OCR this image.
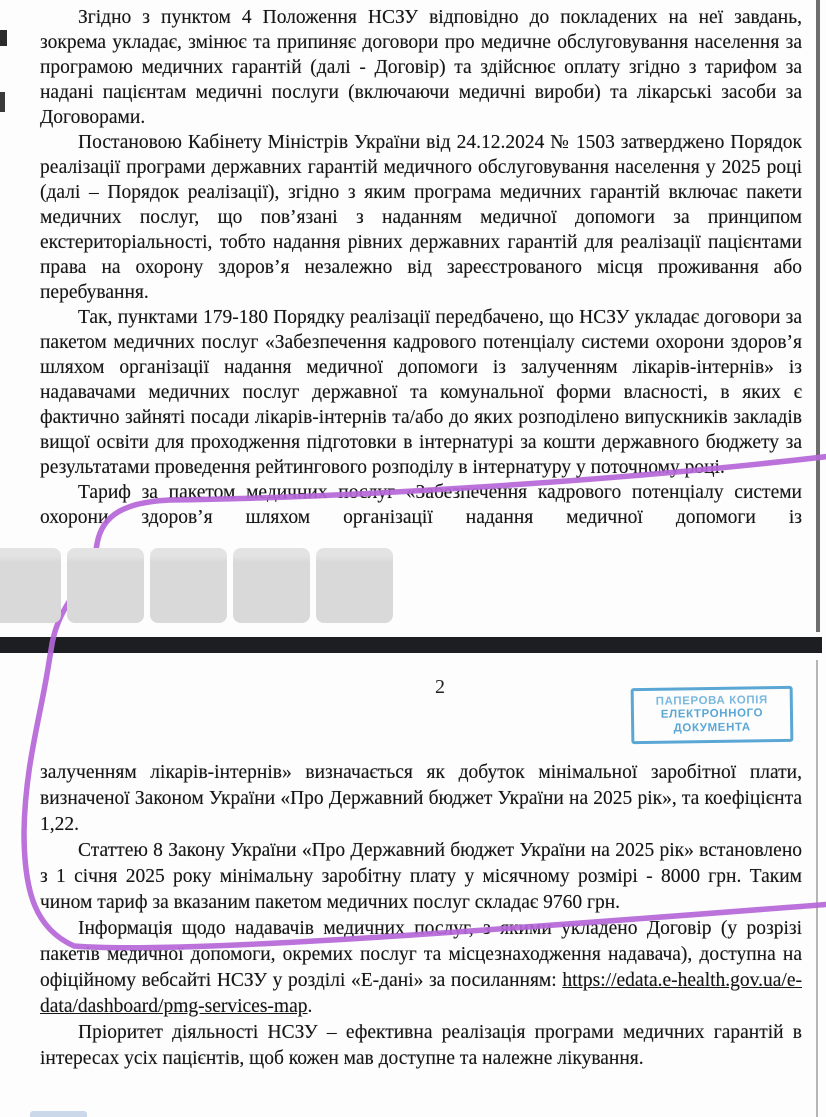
Згідно з пунктом 4 Положення НСЗУ відповідно до покладених на неї завдань, зокрема укладає, змінює та припиняє договори про медичне обслуговування населення за програмою медичних гарантій (далі - Договір) та здійснює оплату згідно з тарифом за надані пацієнтам медичні послуги (включаючи медичні вироби) та лікарські засоби за Договорами.

Постановою Кабінету Міністрів України від 24.12.2024 № 1503 затверджено Порядок реалізації програми державних гарантій медичного обслуговування населення у 2025 році (далі – Порядок реалізації), згідно з яким програма медичних гарантій включає пакети медичних послуг, що пов’язані з наданням медичної допомоги за принципом екстериторіальності, тобто надання рівних державних гарантій для реалізації пацієнтами права на охорону здоров’я незалежно від зареєстрованого місця проживання або перебування.

Так, пунктами 179-180 Порядку реалізації передбачено, що НСЗУ укладає договори за пакетом медичних послуг «Забезпечення кадрового потенціалу системи охорони здоров’я шляхом організації надання медичної допомоги із залученням лікарів-інтернів» із надавачами медичних послуг державної та комунальної форми власності, в яких є фактично зайняті посади лікарів-інтернів та/або до яких розподілено випускників закладів вищої освіти для проходження підготовки в інтернатурі за кошти державного бюджету за результатами проведення рейтингового розподілу в інтернатуру у поточному році.

Тариф за пакетом медичних послуг «Забезпечення кадрового потенціалу системи охорони здоров’я шляхом організації надання медичної допомоги із

2
ПАПЕРОВА КОПІЯ
ЕЛЕКТРОННОГО
ДОКУМЕНТА

залученням лікарів-інтернів» визначається як добуток мінімальної заробітної плати, визначеної Законом України «Про Державний бюджет України на 2025 рік», та коефіцієнта 1,22.

Статтею 8 Закону України «Про Державний бюджет України на 2025 рік» встановлено з 1 січня 2025 року мінімальну заробітну плату у місячному розмірі - 8000 грн. Таким чином тариф за вказаним пакетом медичних послуг складає 9760 грн.

Інформація щодо надавачів медичних послуг, з якими укладено Договір (у розрізі пакетів медичної допомоги, окремих послуг та місцезнаходження надавача), доступна на офіційному вебсайті НСЗУ у розділі «Е-дані» за посиланням: https://edata.e-health.gov.ua/e-data/dashboard/pmg-services-map.

Пріоритет діяльності НСЗУ – ефективна реалізація програми медичних гарантій в інтересах усіх пацієнтів, щоб кожен мав доступне та належне лікування.
